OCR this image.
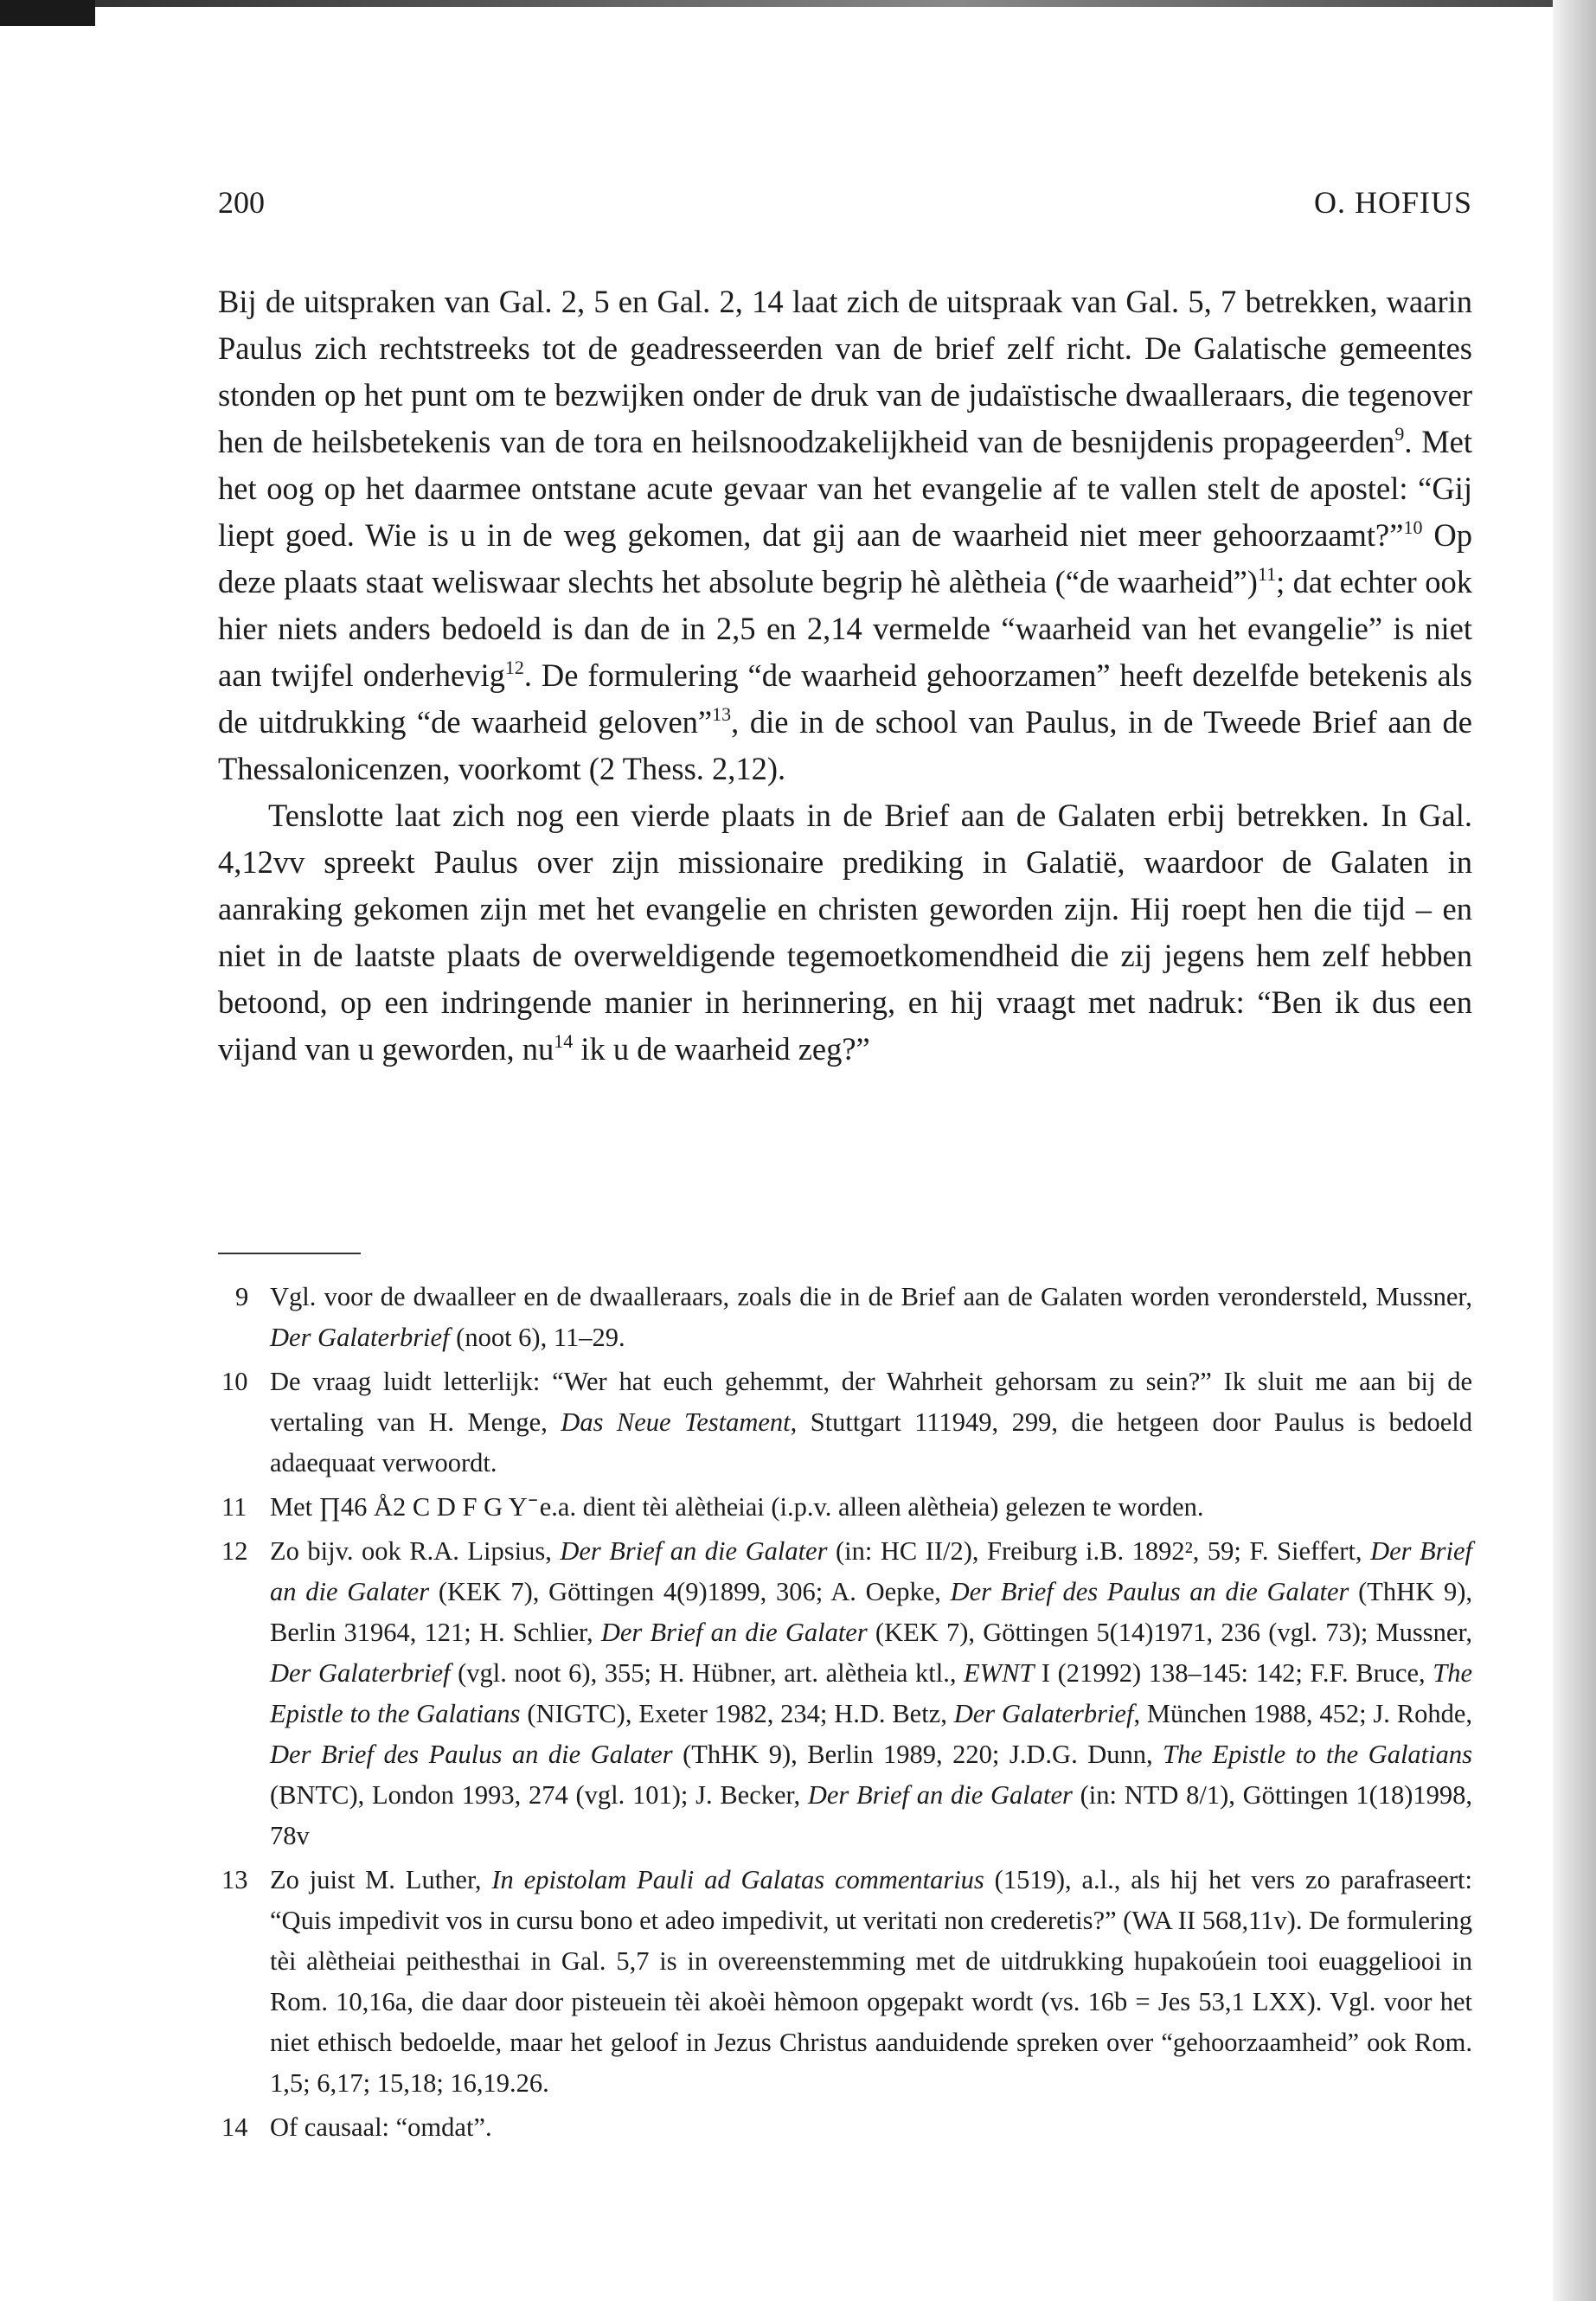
200	O. HOFIUS

Bij de uitspraken van Gal. 2, 5 en Gal. 2, 14 laat zich de uitspraak van Gal. 5, 7 betrekken, waarin Paulus zich rechtstreeks tot de geadresseerden van de brief zelf richt. De Galatische gemeentes stonden op het punt om te bezwijken onder de druk van de judaïstische dwaalleraars, die tegenover hen de heilsbetekenis van de tora en heilsnoodzakelijkheid van de besnijdenis propageerden$^9$. Met het oog op het daarmee ontstane acute gevaar van het evangelie af te vallen stelt de apostel: “Gij liept goed. Wie is u in de weg gekomen, dat gij aan de waarheid niet meer gehoorzaamt?”$^{10}$ Op deze plaats staat weliswaar slechts het absolute begrip hè alètheia (“de waarheid”)$^{11}$; dat echter ook hier niets anders bedoeld is dan de in 2,5 en 2,14 vermelde “waarheid van het evangelie” is niet aan twijfel onderhevig$^{12}$. De formulering “de waarheid gehoorzamen” heeft dezelfde betekenis als de uitdrukking “de waarheid geloven”$^{13}$, die in de school van Paulus, in de Tweede Brief aan de Thessalonicenzen, voorkomt (2 Thess. 2,12).

Tenslotte laat zich nog een vierde plaats in de Brief aan de Galaten erbij betrekken. In Gal. 4,12vv spreekt Paulus over zijn missionaire prediking in Galatië, waardoor de Galaten in aanraking gekomen zijn met het evangelie en christen geworden zijn. Hij roept hen die tijd – en niet in de laatste plaats de overweldigende tegemoetkomendheid die zij jegens hem zelf hebben betoond, op een indringende manier in herinnering, en hij vraagt met nadruk: “Ben ik dus een vijand van u geworden, $nu^{14}$ ik u de waarheid zeg?”

9 Vgl. voor de dwaalleer en de dwaalleraars, zoals die in de Brief aan de Galaten worden verondersteld, Mussner, Der Galaterbrief (noot 6), 11–29.
10 De vraag luidt letterlijk: “Wer hat euch gehemmt, der Wahrheit gehorsam zu sein?” Ik sluit me aan bij de vertaling van H. Menge, Das Neue Testament, Stuttgart 111949, 299, die hetgeen door Paulus is bedoeld adaequaat verwoordt.
11 Met ∏46 Å2 C D F G Y ̄ e.a. dient tèi alètheiai (i.p.v. alleen alètheia) gelezen te worden.
12 Zo bijv. ook R.A. Lipsius, Der Brief an die Galater (in: HC II/2), Freiburg i.B. 1892², 59; F. Sieffert, Der Brief an die Galater (KEK 7), Göttingen 4(9)1899, 306; A. Oepke, Der Brief des Paulus an die Galater (ThHK 9), Berlin 31964, 121; H. Schlier, Der Brief an die Galater (KEK 7), Göttingen 5(14)1971, 236 (vgl. 73); Mussner, Der Galaterbrief (vgl. noot 6), 355; H. Hübner, art. alètheia ktl., EWNT I (21992) 138–145: 142; F.F. Bruce, The Epistle to the Galatians (NIGTC), Exeter 1982, 234; H.D. Betz, Der Galaterbrief, München 1988, 452; J. Rohde, Der Brief des Paulus an die Galater (ThHK 9), Berlin 1989, 220; J.D.G. Dunn, The Epistle to the Galatians (BNTC), London 1993, 274 (vgl. 101); J. Becker, Der Brief an die Galater (in: NTD 8/1), Göttingen 1(18)1998, 78v
13 Zo juist M. Luther, In epistolam Pauli ad Galatas commentarius (1519), a.l., als hij het vers zo parafraseert: “Quis impedivit vos in cursu bono et adeo impedivit, ut veritati non crederetis?” (WA II 568,11v). De formulering tèi alètheiai peithesthai in Gal. 5,7 is in overeenstemming met de uitdrukking hupakoúein tooi euaggeliooi in Rom. 10,16a, die daar door pisteuein tèi akoèi hèmoon opgepakt wordt (vs. 16b = Jes 53,1 LXX). Vgl. voor het niet ethisch bedoelde, maar het geloof in Jezus Christus aanduidende spreken over “gehoorzaamheid” ook Rom. 1,5; 6,17; 15,18; 16,19.26.
14 Of causaal: “omdat”.
